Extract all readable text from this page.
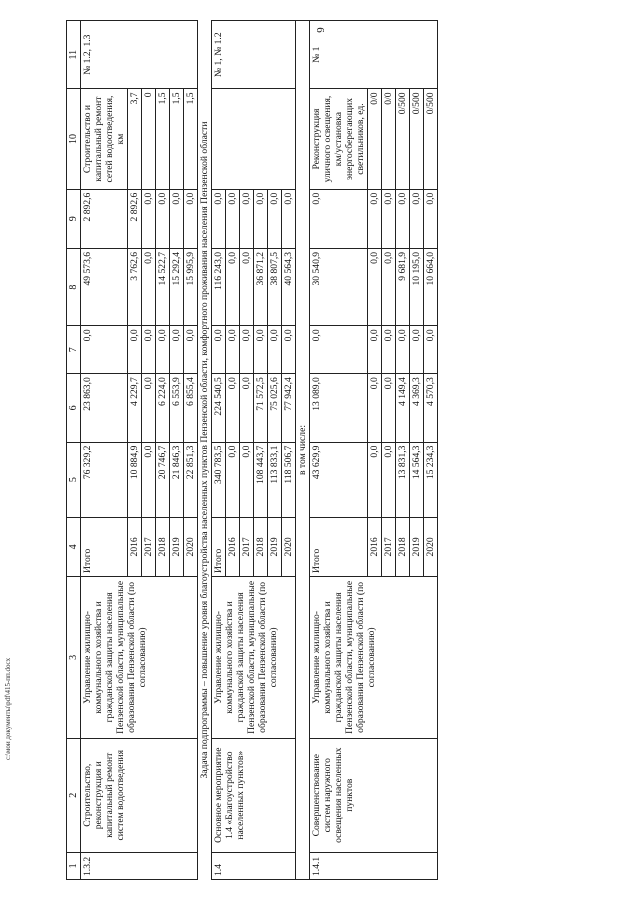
6
1	2	3	4	5	6	7	8	9	10	11
1.3.2	Строительство, реконструкция и капитальный ремонт систем водоотведения	Управление жилищно-коммунального хозяйства и гражданской защиты населения Пензенской области, муниципальные образования Пензенской области (по согласованию)	Итого	76 329,2	23 863,0	0,0	49 573,6	2 892,6	Строительство и капитальный ремонт сетей водоотведения, км	№ 1.2, 1.3
			2016	10 884,9	4 229,7	0,0	3 762,6	2 892,6	3,7	
			2017	0,0	0,0	0,0	0,0	0,0	0	
			2018	20 746,7	6 224,0	0,0	14 522,7	0,0	1,5	
			2019	21 846,3	6 553,9	0,0	15 292,4	0,0	1,5	
			2020	22 851,3	6 855,4	0,0	15 995,9	0,0	1,5	
Задача подпрограммы – повышение уровня благоустройства населенных пунктов Пензенской области, комфортного проживания населения Пензенской области										
1.4	Основное мероприятие 1.4 «Благоустройство населенных пунктов»	Управление жилищно-коммунального хозяйства и гражданской защиты населения Пензенской области, муниципальные образования Пензенской области (по согласованию)	Итого	340 783,5	224 540,5	0,0	116 243,0	0,0		№ 1, № 1.2
			2016	0,0	0,0	0,0	0,0	0,0		
			2017	0,0	0,0	0,0	0,0	0,0		
			2018	108 443,7	71 572,5	0,0	36 871,2	0,0		
			2019	113 833,1	75 025,6	0,0	38 807,5	0,0		
			2020	118 506,7	77 942,4	0,0	40 564,3	0,0		
в том числе:										
1.4.1	Совершенствование систем наружного освещения населенных пунктов	Управление жилищно-коммунального хозяйства и гражданской защиты населения Пензенской области, муниципальные образования Пензенской области (по согласованию)	Итого	43 629,9	13 089,0	0,0	30 540,9	0,0	Реконструкция уличного освещения, км/установка энергосберегающих светильников, ед.	№ 1
			2016	0,0	0,0	0,0	0,0	0,0	0/0	
			2017	0,0	0,0	0,0	0,0	0,0	0/0	
			2018	13 831,3	4 149,4	0,0	9 681,9	0,0	0/500	
			2019	14 564,3	4 369,3	0,0	10 195,0	0,0	0/500	
			2020	15 234,3	4 570,3	0,0	10 664,0	0,0	0/500	
c:\мои документы\pdf\415-пп.docx
